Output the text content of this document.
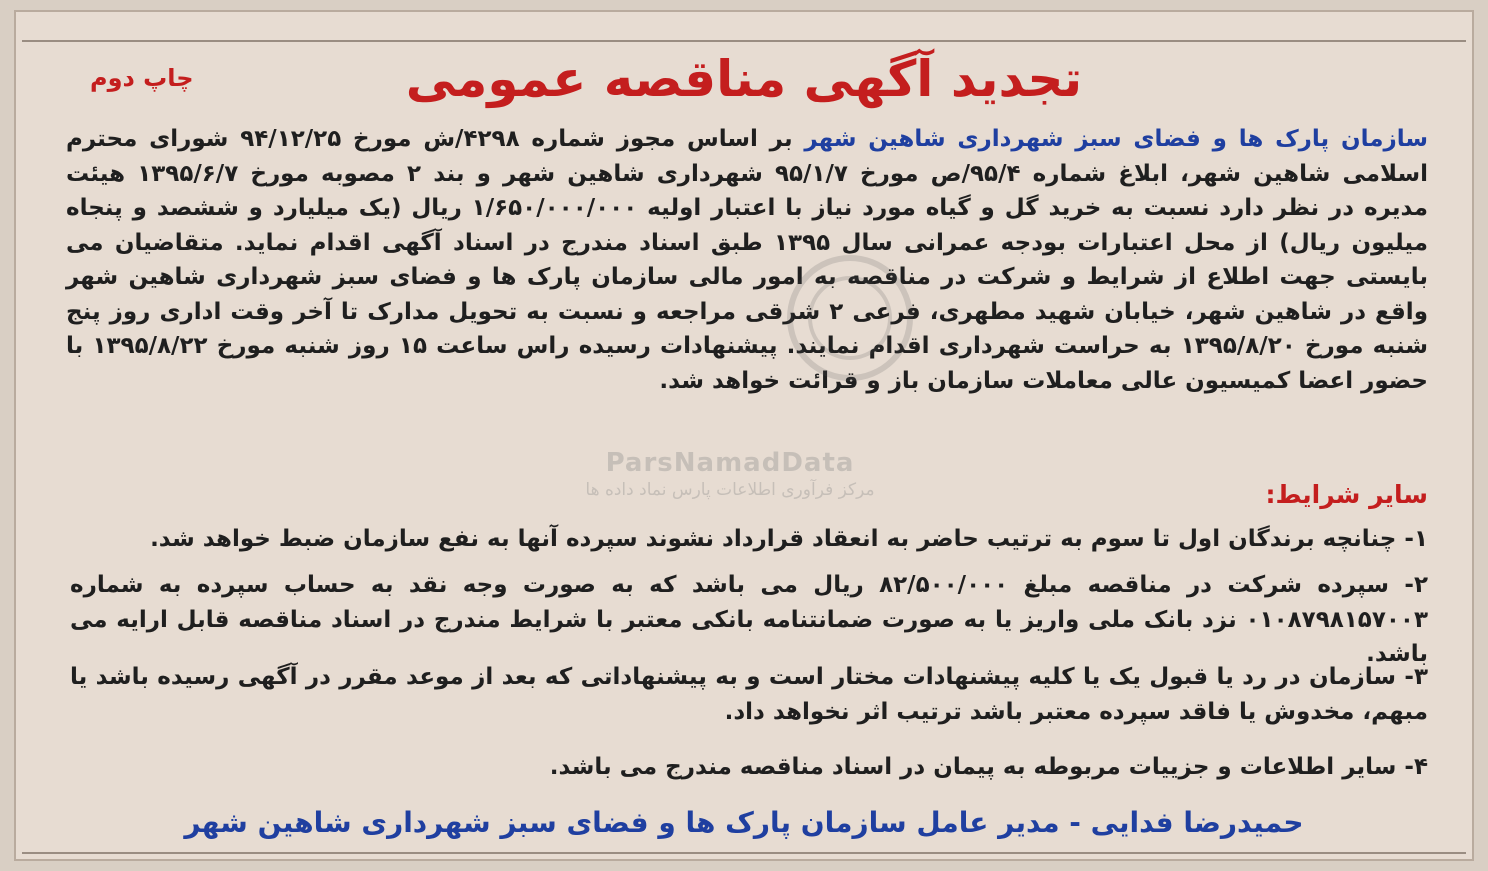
چاپ دوم	تجدید آگهی مناقصه عمومی
سازمان پارک ها و فضای سبز شهرداری شاهین شهر بر اساس مجوز شماره ۴۲۹۸/ش مورخ ۹۴/۱۲/۲۵ شورای محترم اسلامی شاهین شهر، ابلاغ شماره ۹۵/۴/ص مورخ ۹۵/۱/۷ شهرداری شاهین شهر و بند ۲ مصوبه مورخ ۱۳۹۵/۶/۷ هیئت مدیره در نظر دارد نسبت به خرید گل و گیاه مورد نیاز با اعتبار اولیه ۱/۶۵۰/۰۰۰/۰۰۰ ریال (یک میلیارد و ششصد و پنجاه میلیون ریال) از محل اعتبارات بودجه عمرانی سال ۱۳۹۵ طبق اسناد مندرج در اسناد آگهی اقدام نماید. متقاضیان می بایستی جهت اطلاع از شرایط و شرکت در مناقصه به امور مالی سازمان پارک ها و فضای سبز شهرداری شاهین شهر واقع در شاهین شهر، خیابان شهید مطهری، فرعی ۲ شرقی مراجعه و نسبت به تحویل مدارک تا آخر وقت اداری روز پنج شنبه مورخ ۱۳۹۵/۸/۲۰ به حراست شهرداری اقدام نمایند. پیشنهادات رسیده راس ساعت ۱۵ روز شنبه مورخ ۱۳۹۵/۸/۲۲ با حضور اعضا کمیسیون عالی معاملات سازمان باز و قرائت خواهد شد.
ParsNamadData
مرکز فرآوری اطلاعات پارس نماد داده ها	سایر شرایط:
۱- چنانچه برندگان اول تا سوم به ترتیب حاضر به انعقاد قرارداد نشوند سپرده آنها به نفع سازمان ضبط خواهد شد.
۲- سپرده شرکت در مناقصه مبلغ ۸۲/۵۰۰/۰۰۰ ریال می باشد که به صورت وجه نقد به حساب سپرده به شماره ۰۱۰۸۷۹۸۱۵۷۰۰۳ نزد بانک ملی واریز یا به صورت ضمانتنامه بانکی معتبر با شرایط مندرج در اسناد مناقصه قابل ارایه می باشد.
۳- سازمان در رد یا قبول یک یا کلیه پیشنهادات مختار است و به پیشنهاداتی که بعد از موعد مقرر در آگهی رسیده باشد یا مبهم، مخدوش یا فاقد سپرده معتبر باشد ترتیب اثر نخواهد داد.
۴- سایر اطلاعات و جزییات مربوطه به پیمان در اسناد مناقصه مندرج می باشد.
حمیدرضا فدایی - مدیر عامل سازمان پارک ها و فضای سبز شهرداری شاهین شهر
